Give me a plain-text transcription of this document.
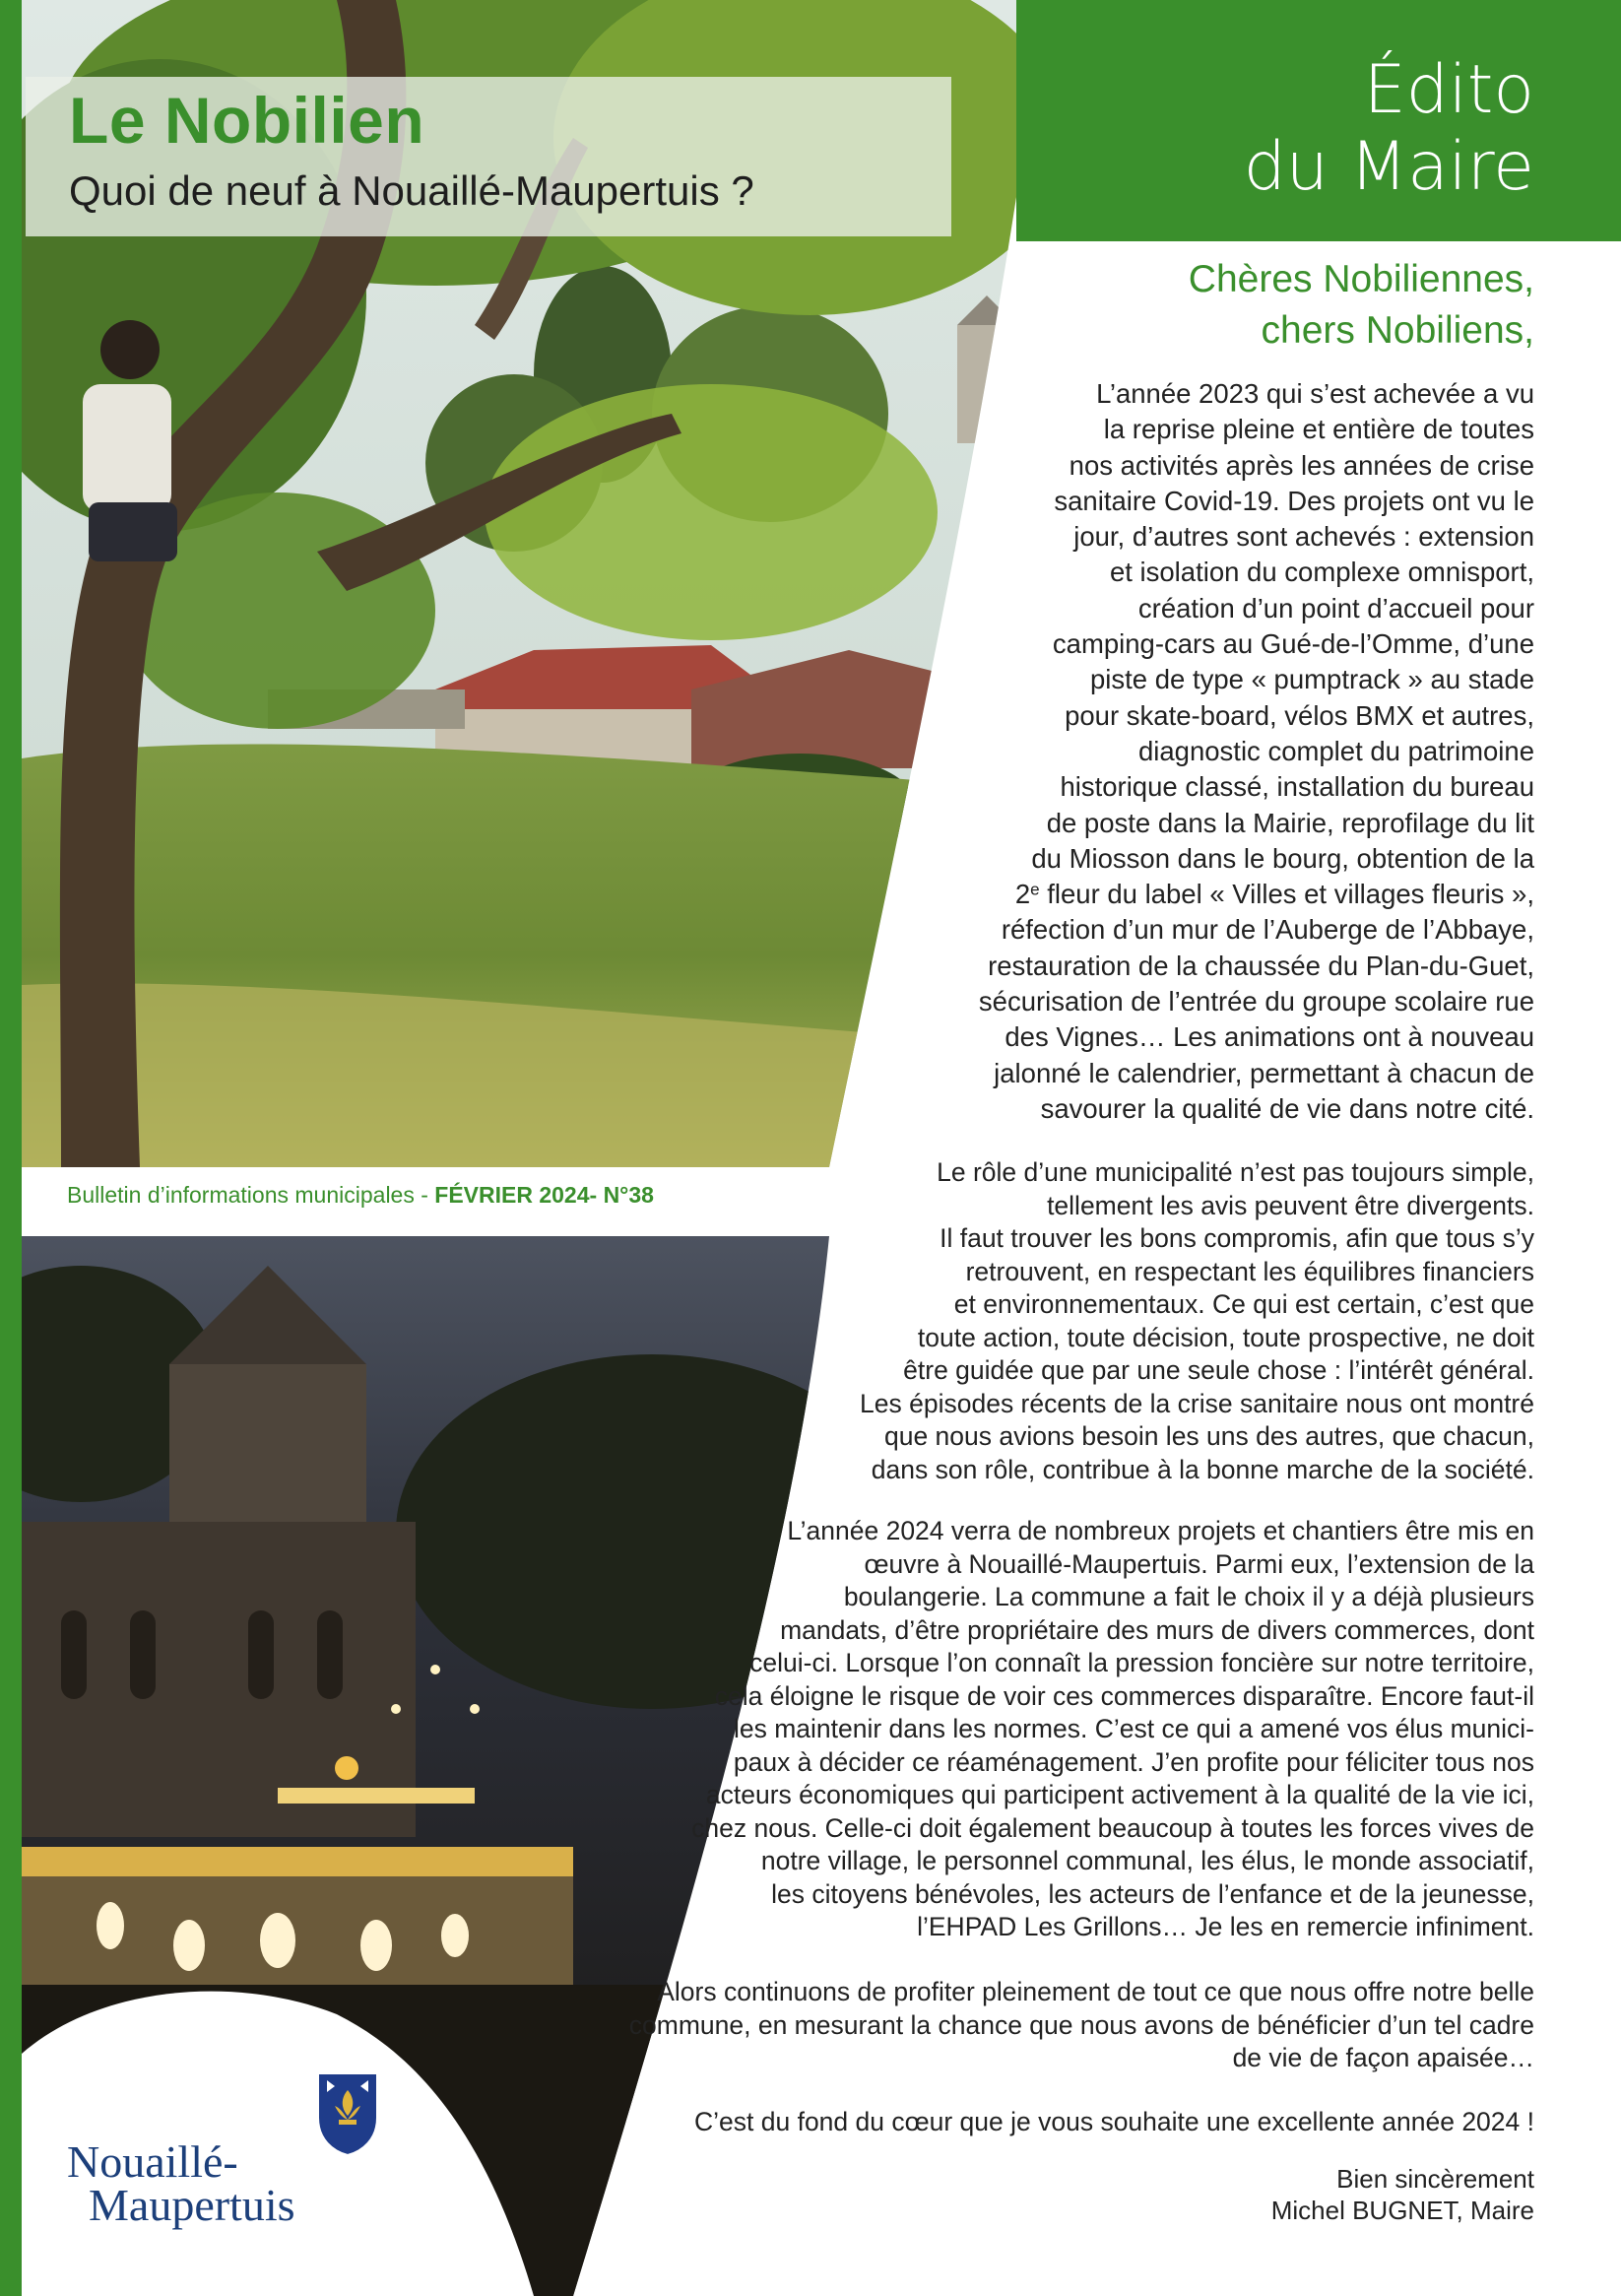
Le Nobilien
Quoi de neuf à Nouaillé-Maupertuis ?
Édito
du Maire
Bulletin d’informations municipales - FÉVRIER 2024- N°38
Chères Nobiliennes,
chers Nobiliens,
L’année 2023 qui s’est achevée a vu
la reprise pleine et entière de toutes
nos activités après les années de crise
sanitaire Covid-19. Des projets ont vu le
jour, d’autres sont achevés : extension
et isolation du complexe omnisport,
création d’un point d’accueil pour
camping-cars au Gué-de-l’Omme, d’une
piste de type « pumptrack » au stade
pour skate-board, vélos BMX et autres,
diagnostic complet du patrimoine
historique classé, installation du bureau
de poste dans la Mairie, reprofilage du lit
du Miosson dans le bourg, obtention de la
2e fleur du label « Villes et villages fleuris »,
réfection d’un mur de l’Auberge de l’Abbaye,
restauration de la chaussée du Plan-du-Guet,
sécurisation de l’entrée du groupe scolaire rue
des Vignes… Les animations ont à nouveau
jalonné le calendrier, permettant à chacun de
savourer la qualité de vie dans notre cité.
Le rôle d’une municipalité n’est pas toujours simple,
tellement les avis peuvent être divergents.
Il faut trouver les bons compromis, afin que tous s’y
retrouvent, en respectant les équilibres financiers
et environnementaux. Ce qui est certain, c’est que
toute action, toute décision, toute prospective, ne doit
être guidée que par une seule chose : l’intérêt général.
Les épisodes récents de la crise sanitaire nous ont montré
que nous avions besoin les uns des autres, que chacun,
dans son rôle, contribue à la bonne marche de la société.
L’année 2024 verra de nombreux projets et chantiers être mis en
œuvre à Nouaillé-Maupertuis. Parmi eux, l’extension de la
boulangerie. La commune a fait le choix il y a déjà plusieurs
mandats, d’être propriétaire des murs de divers commerces, dont
celui-ci. Lorsque l’on connaît la pression foncière sur notre territoire,
cela éloigne le risque de voir ces commerces disparaître. Encore faut-il
les maintenir dans les normes. C’est ce qui a amené vos élus munici-
paux à décider ce réaménagement. J’en profite pour féliciter tous nos
acteurs économiques qui participent activement à la qualité de la vie ici,
chez nous. Celle-ci doit également beaucoup à toutes les forces vives de
notre village, le personnel communal, les élus, le monde associatif,
les citoyens bénévoles, les acteurs de l’enfance et de la jeunesse,
l’EHPAD Les Grillons… Je les en remercie infiniment.
Alors continuons de profiter pleinement de tout ce que nous offre notre belle
commune, en mesurant la chance que nous avons de bénéficier d’un tel cadre
de vie de façon apaisée…
C’est du fond du cœur que je vous souhaite une excellente année 2024 !
Bien sincèrement
Michel BUGNET, Maire
Nouaillé-
Maupertuis
